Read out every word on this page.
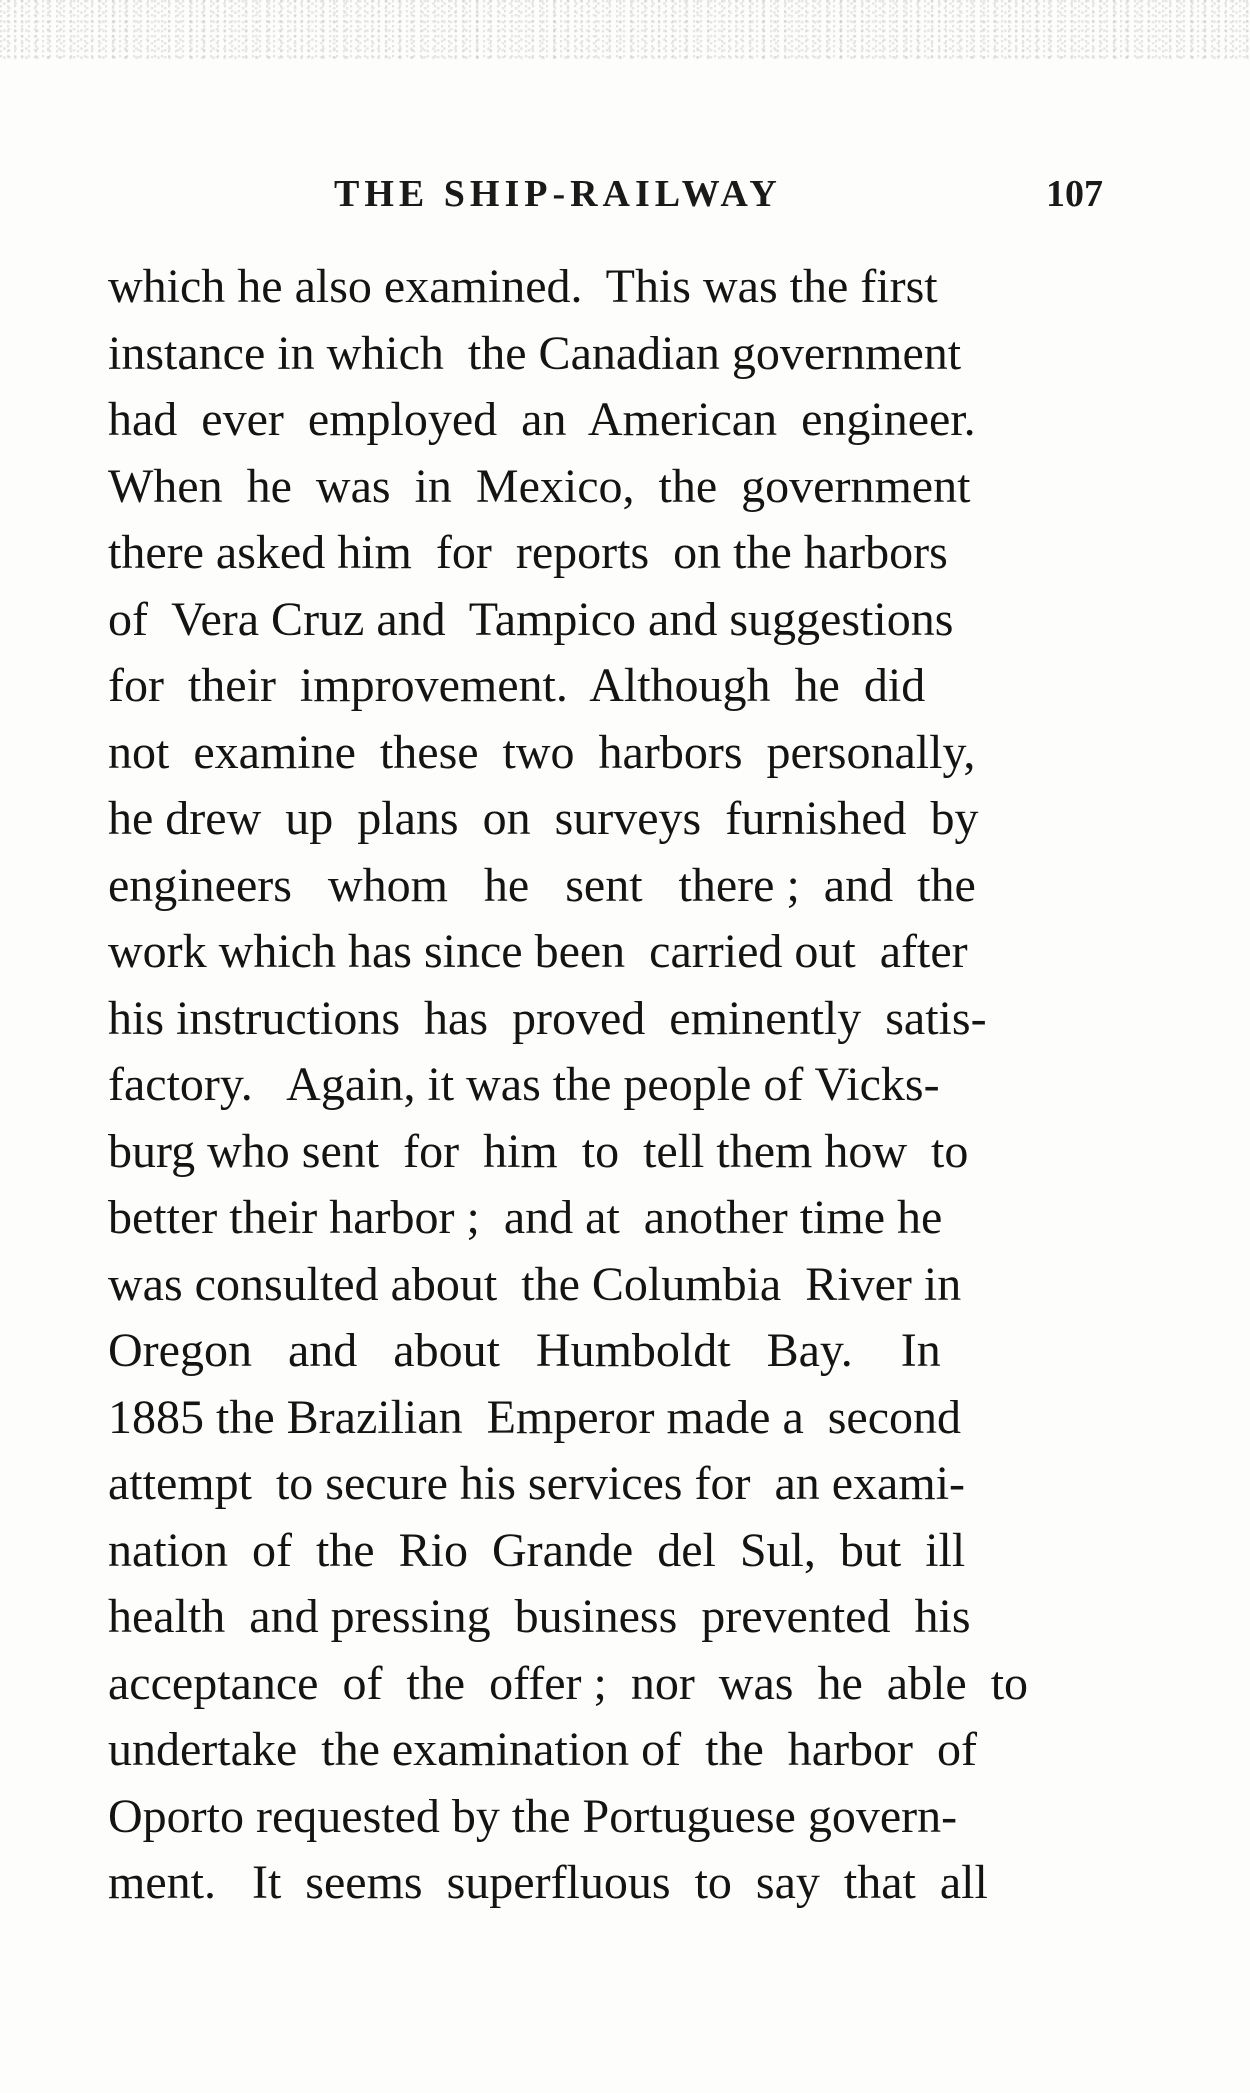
THE SHIP-RAILWAY	107
which he also examined.  This was the first
instance in which  the Canadian government
had  ever  employed  an  American  engineer.
When  he  was  in  Mexico,  the  government
there asked him  for  reports  on the harbors
of  Vera Cruz and  Tampico and suggestions
for  their  improvement.  Although  he  did
not  examine  these  two  harbors  personally,
he drew  up  plans  on  surveys  furnished  by
engineers   whom   he   sent   there ;  and  the
work which has since been  carried out  after
his instructions  has  proved  eminently  satis-
factory.   Again, it was the people of Vicks-
burg who sent  for  him  to  tell them how  to
better their harbor ;  and at  another time he
was consulted about  the Columbia  River in
Oregon   and   about   Humboldt   Bay.    In
1885 the Brazilian  Emperor made a  second
attempt  to secure his services for  an exami-
nation  of  the  Rio  Grande  del  Sul,  but  ill
health  and pressing  business  prevented  his
acceptance  of  the  offer ;  nor  was  he  able  to
undertake  the examination of  the  harbor  of
Oporto requested by the Portuguese govern-
ment.   It  seems  superfluous  to  say  that  all
